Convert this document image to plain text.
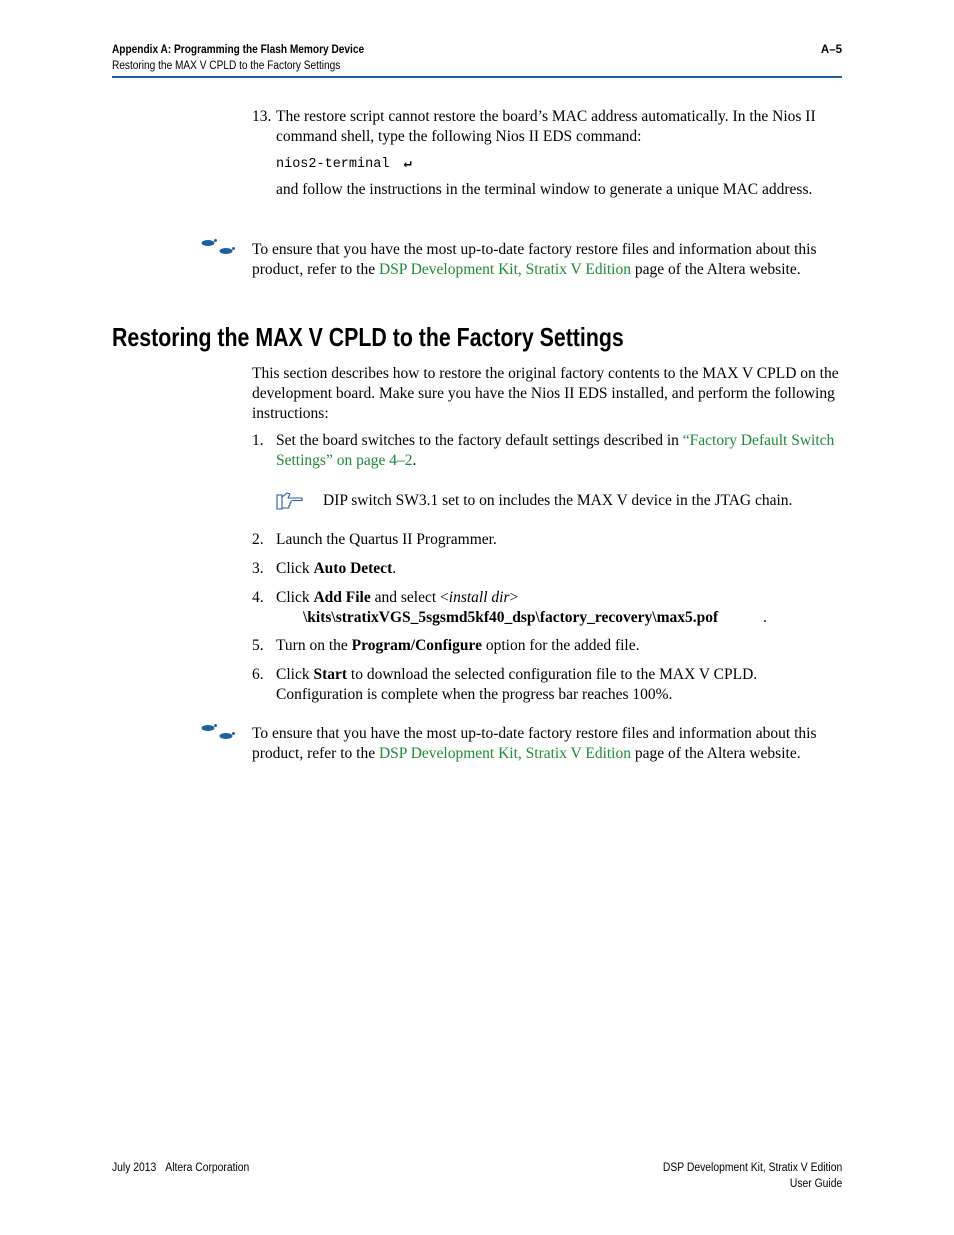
Appendix A: Programming the Flash Memory Device
Restoring the MAX V CPLD to the Factory Settings
A–5
13. The restore script cannot restore the board’s MAC address automatically. In the Nios II command shell, type the following Nios II EDS command:
nios2-terminal ↵
and follow the instructions in the terminal window to generate a unique MAC address.
To ensure that you have the most up-to-date factory restore files and information about this product, refer to the DSP Development Kit, Stratix V Edition page of the Altera website.
Restoring the MAX V CPLD to the Factory Settings
This section describes how to restore the original factory contents to the MAX V CPLD on the development board. Make sure you have the Nios II EDS installed, and perform the following instructions:
1. Set the board switches to the factory default settings described in “Factory Default Switch Settings” on page 4–2.
DIP switch SW3.1 set to on includes the MAX V device in the JTAG chain.
2. Launch the Quartus II Programmer.
3. Click Auto Detect.
4. Click Add File and select <install dir>
\kits\stratixVGS_5sgsmd5kf40_dsp\factory_recovery\max5.pof	.
5. Turn on the Program/Configure option for the added file.
6. Click Start to download the selected configuration file to the MAX V CPLD. Configuration is complete when the progress bar reaches 100%.
To ensure that you have the most up-to-date factory restore files and information about this product, refer to the DSP Development Kit, Stratix V Edition page of the Altera website.
July 2013 Altera Corporation	DSP Development Kit, Stratix V Edition
User Guide
